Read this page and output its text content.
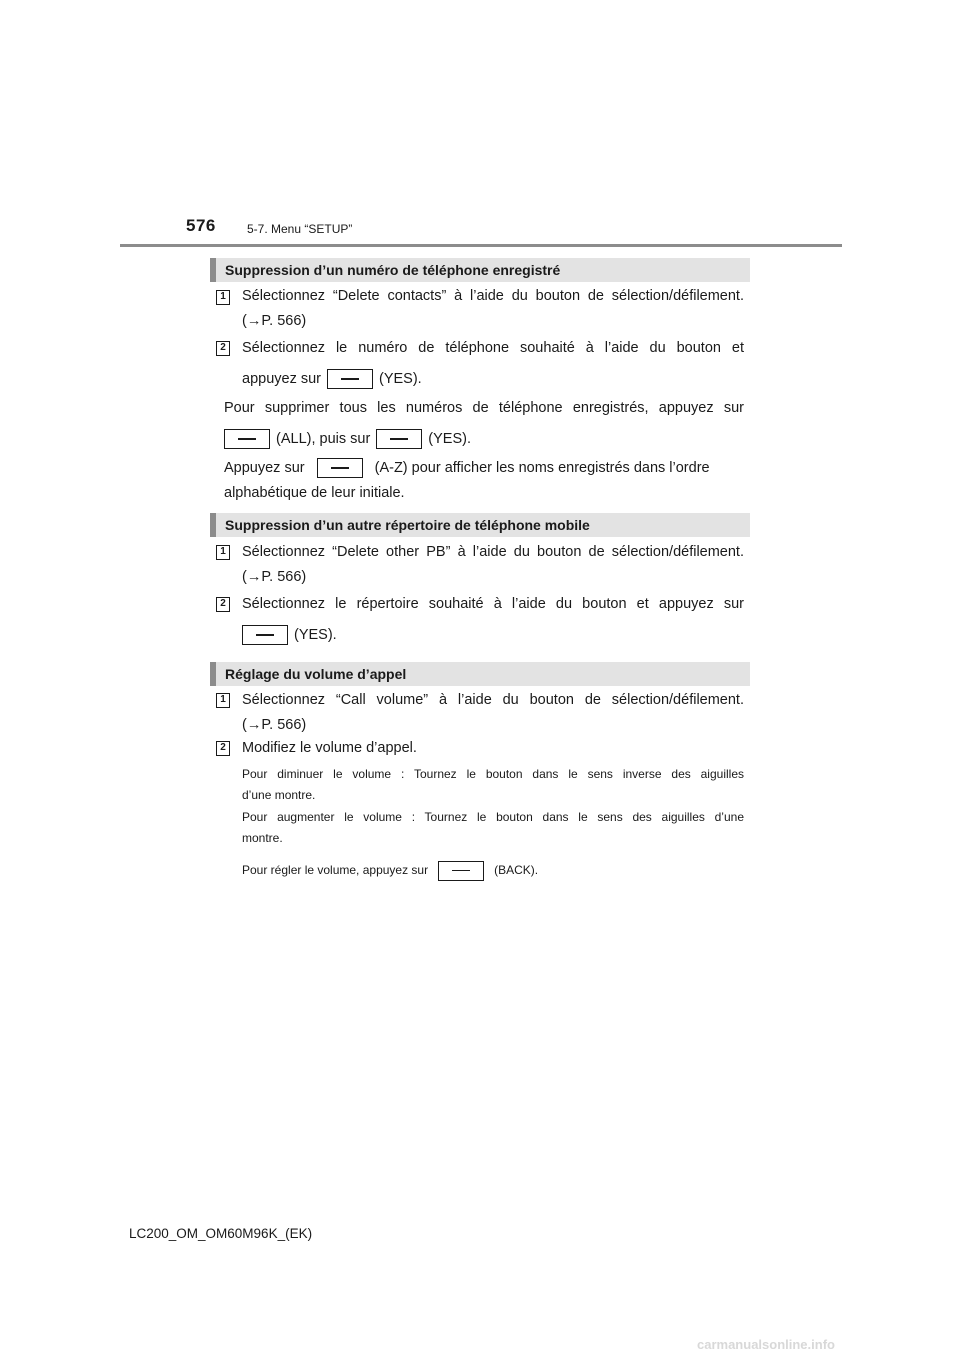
576	5-7. Menu “SETUP”
Suppression d’un numéro de téléphone enregistré
1 Sélectionnez “Delete contacts” à l’aide du bouton de sélection/défilement.
(→P. 566)
2 Sélectionnez le numéro de téléphone souhaité à l’aide du bouton et
appuyez sur	(YES).
Pour supprimer tous les numéros de téléphone enregistrés, appuyez sur
(ALL), puis sur	(YES).
Appuyez sur	(A-Z) pour afficher les noms enregistrés dans l’ordre
alphabétique de leur initiale.
Suppression d’un autre répertoire de téléphone mobile
1 Sélectionnez “Delete other PB” à l’aide du bouton de sélection/défilement.
(→P. 566)
2 Sélectionnez le répertoire souhaité à l’aide du bouton et appuyez sur
(YES).
Réglage du volume d’appel
1 Sélectionnez “Call volume” à l’aide du bouton de sélection/défilement.
(→P. 566)
2 Modifiez le volume d’appel.
Pour diminuer le volume : Tournez le bouton dans le sens inverse des aiguilles
d’une montre.
Pour augmenter le volume : Tournez le bouton dans le sens des aiguilles d’une
montre.
Pour régler le volume, appuyez sur	(BACK).
LC200_OM_OM60M96K_(EK)
carmanualsonline.info
